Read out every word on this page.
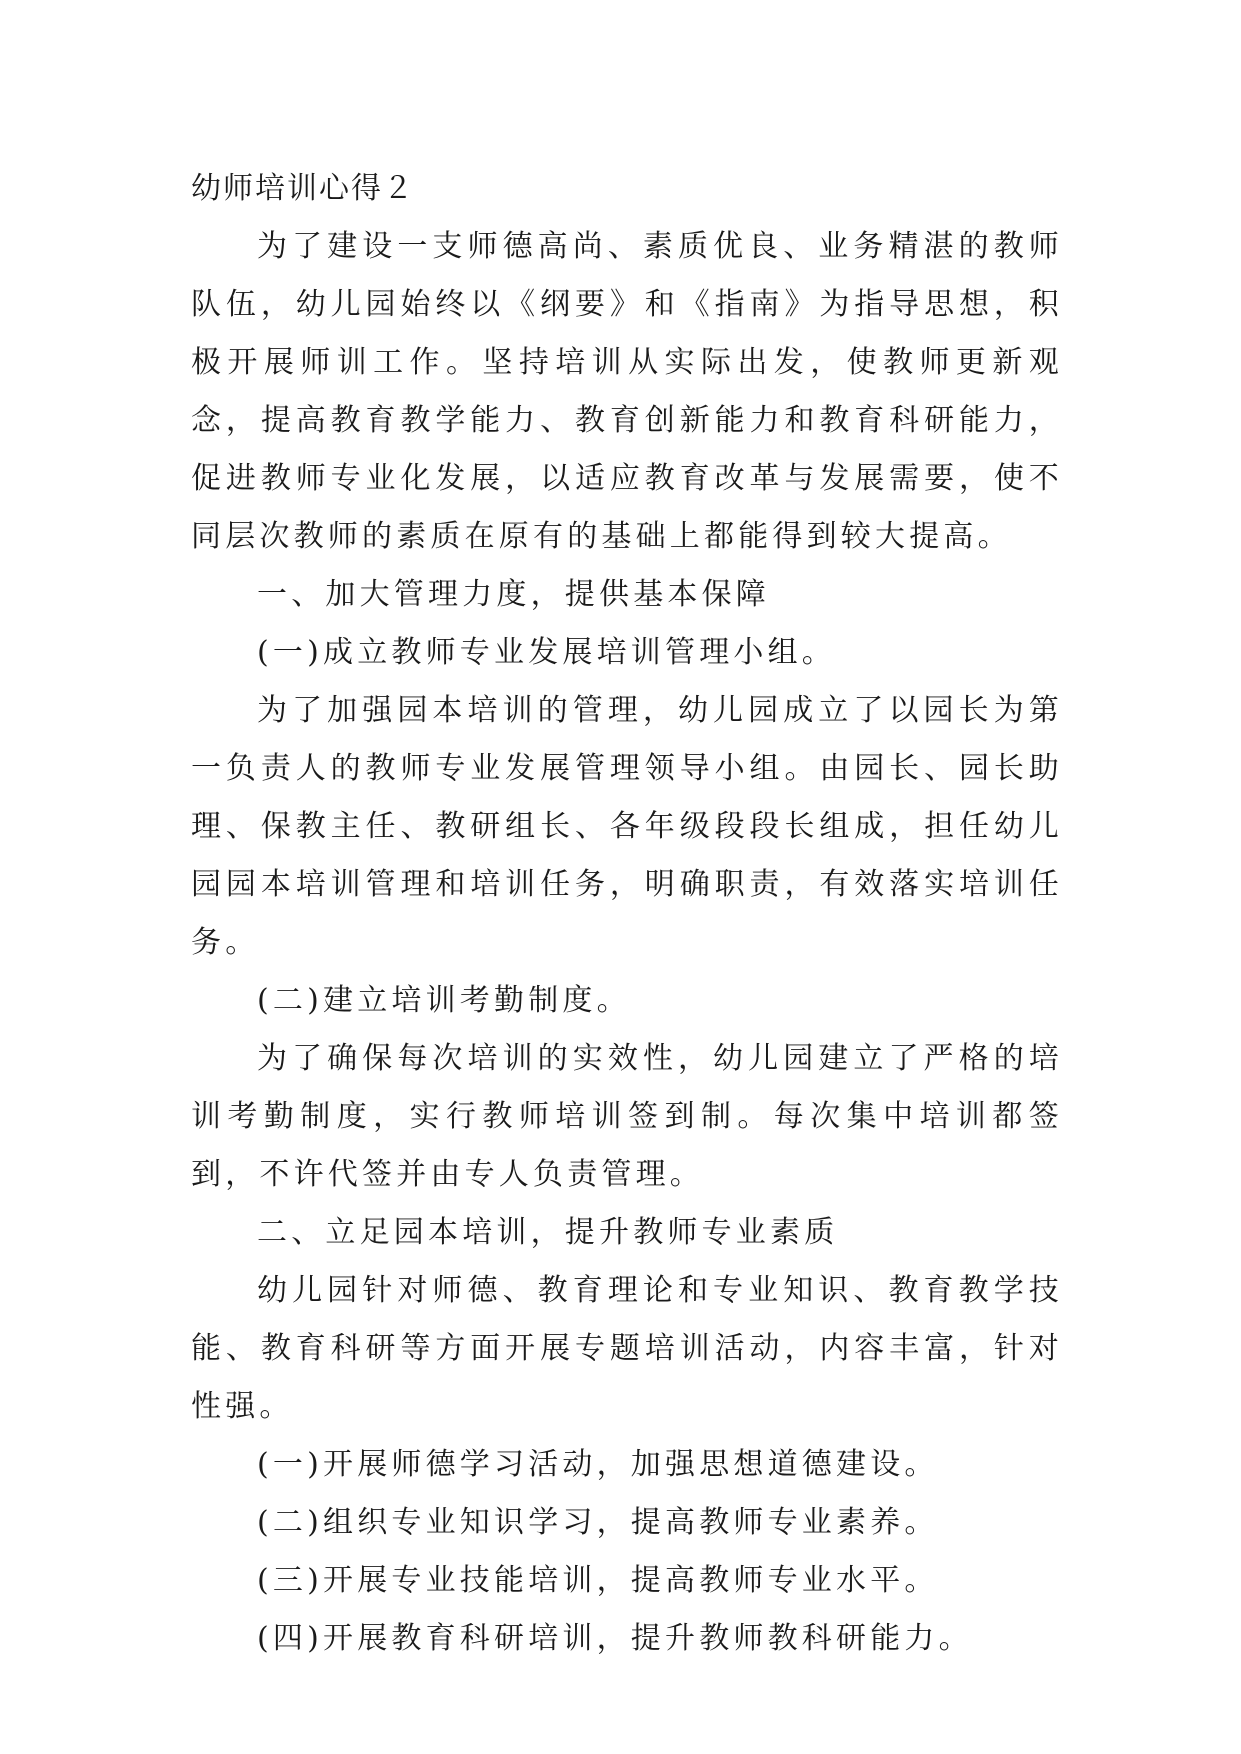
幼师培训心得２

为了建设一支师德高尚、素质优良、业务精湛的教师队伍，幼儿园始终以《纲要》和《指南》为指导思想，积极开展师训工作。坚持培训从实际出发，使教师更新观念，提高教育教学能力、教育创新能力和教育科研能力，促进教师专业化发展，以适应教育改革与发展需要，使不同层次教师的素质在原有的基础上都能得到较大提高。

一、加大管理力度，提供基本保障

(一)成立教师专业发展培训管理小组。

为了加强园本培训的管理，幼儿园成立了以园长为第一负责人的教师专业发展管理领导小组。由园长、园长助理、保教主任、教研组长、各年级段段长组成，担任幼儿园园本培训管理和培训任务，明确职责，有效落实培训任务。

(二)建立培训考勤制度。

为了确保每次培训的实效性，幼儿园建立了严格的培训考勤制度，实行教师培训签到制。每次集中培训都签到，不许代签并由专人负责管理。

二、立足园本培训，提升教师专业素质

幼儿园针对师德、教育理论和专业知识、教育教学技能、教育科研等方面开展专题培训活动，内容丰富，针对性强。

(一)开展师德学习活动，加强思想道德建设。

(二)组织专业知识学习，提高教师专业素养。

(三)开展专业技能培训，提高教师专业水平。

(四)开展教育科研培训，提升教师教科研能力。
